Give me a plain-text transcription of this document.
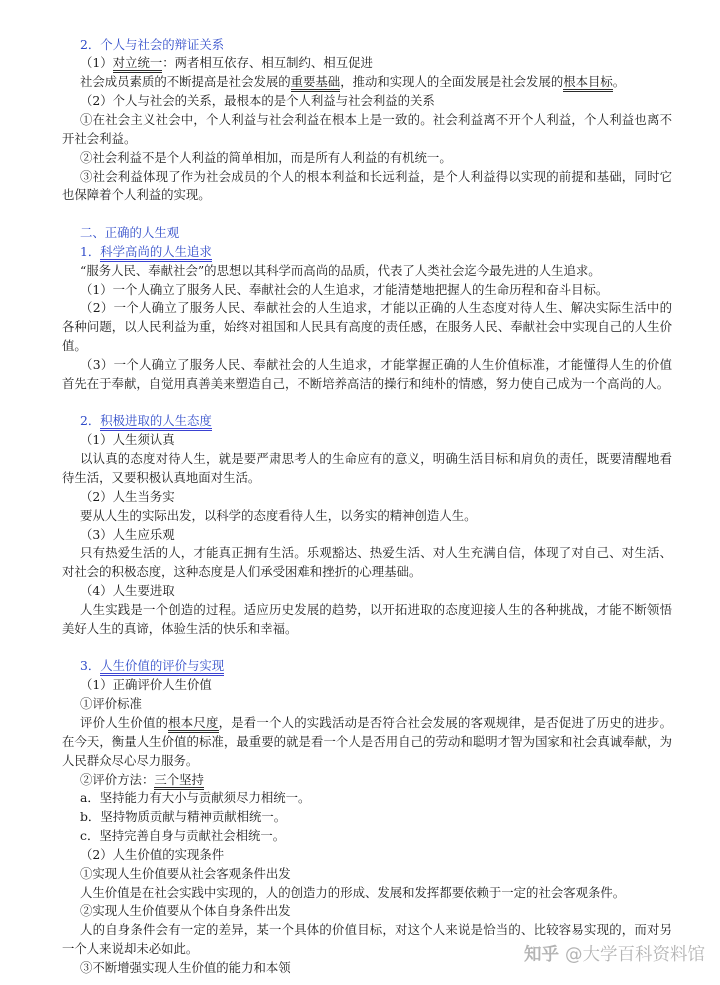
2．个人与社会的辩证关系
（1）对立统一：两者相互依存、相互制约、相互促进
社会成员素质的不断提高是社会发展的重要基础，推动和实现人的全面发展是社会发展的根本目标。
（2）个人与社会的关系，最根本的是个人利益与社会利益的关系
①在社会主义社会中，个人利益与社会利益在根本上是一致的。社会利益离不开个人利益，个人利益也离不
开社会利益。
②社会利益不是个人利益的简单相加，而是所有人利益的有机统一。
③社会利益体现了作为社会成员的个人的根本利益和长远利益，是个人利益得以实现的前提和基础，同时它
也保障着个人利益的实现。
二、正确的人生观
1．科学高尚的人生追求
“服务人民、奉献社会”的思想以其科学而高尚的品质，代表了人类社会迄今最先进的人生追求。
（1）一个人确立了服务人民、奉献社会的人生追求，才能清楚地把握人的生命历程和奋斗目标。
（2）一个人确立了服务人民、奉献社会的人生追求，才能以正确的人生态度对待人生、解决实际生活中的
各种问题，以人民利益为重，始终对祖国和人民具有高度的责任感，在服务人民、奉献社会中实现自己的人生价
值。
（3）一个人确立了服务人民、奉献社会的人生追求，才能掌握正确的人生价值标准，才能懂得人生的价值
首先在于奉献，自觉用真善美来塑造自己，不断培养高洁的操行和纯朴的情感，努力使自己成为一个高尚的人。
2．积极进取的人生态度
（1）人生须认真
以认真的态度对待人生，就是要严肃思考人的生命应有的意义，明确生活目标和肩负的责任，既要清醒地看
待生活，又要积极认真地面对生活。
（2）人生当务实
要从人生的实际出发，以科学的态度看待人生，以务实的精神创造人生。
（3）人生应乐观
只有热爱生活的人，才能真正拥有生活。乐观豁达、热爱生活、对人生充满自信，体现了对自己、对生活、
对社会的积极态度，这种态度是人们承受困难和挫折的心理基础。
（4）人生要进取
人生实践是一个创造的过程。适应历史发展的趋势，以开拓进取的态度迎接人生的各种挑战，才能不断领悟
美好人生的真谛，体验生活的快乐和幸福。
3．人生价值的评价与实现
（1）正确评价人生价值
①评价标准
评价人生价值的根本尺度，是看一个人的实践活动是否符合社会发展的客观规律，是否促进了历史的进步。
在今天，衡量人生价值的标准，最重要的就是看一个人是否用自己的劳动和聪明才智为国家和社会真诚奉献，为
人民群众尽心尽力服务。
②评价方法：三个坚持
a．坚持能力有大小与贡献须尽力相统一。
b．坚持物质贡献与精神贡献相统一。
c．坚持完善自身与贡献社会相统一。
（2）人生价值的实现条件
①实现人生价值要从社会客观条件出发
人生价值是在社会实践中实现的，人的创造力的形成、发展和发挥都要依赖于一定的社会客观条件。
②实现人生价值要从个体自身条件出发
人的自身条件会有一定的差异，某一个具体的价值目标，对这个人来说是恰当的、比较容易实现的，而对另
一个人来说却未必如此。
③不断增强实现人生价值的能力和本领
知乎 @大学百科资料馆
